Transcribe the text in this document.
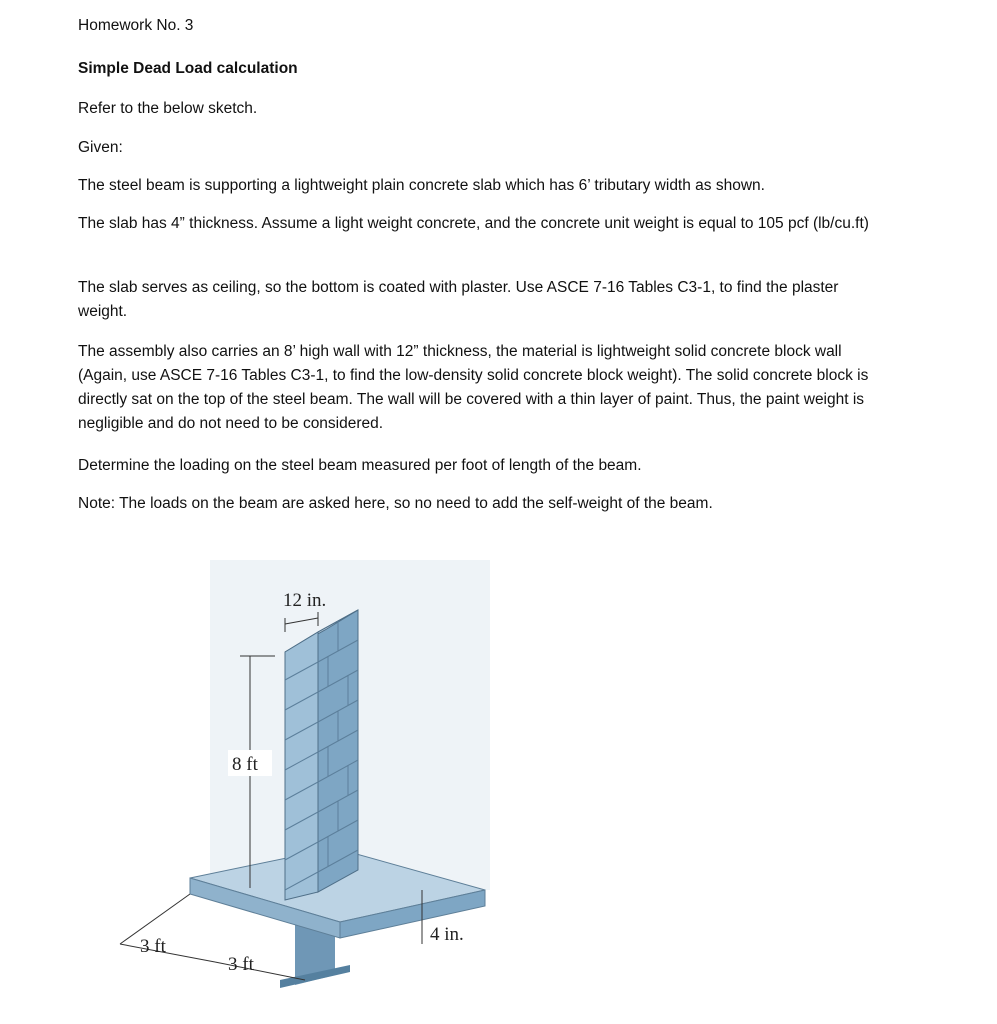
Homework No. 3

Simple Dead Load calculation

Refer to the below sketch.

Given:

The steel beam is supporting a lightweight plain concrete slab which has 6’ tributary width as shown.

The slab has 4” thickness. Assume a light weight concrete, and the concrete unit weight is equal to 105 pcf (lb/cu.ft)

The slab serves as ceiling, so the bottom is coated with plaster. Use ASCE 7-16 Tables C3-1, to find the plaster weight.

The assembly also carries an 8’ high wall with 12” thickness, the material is lightweight solid concrete block wall (Again, use ASCE 7-16 Tables C3-1, to find the low-density solid concrete block weight). The solid concrete block is directly sat on the top of the steel beam. The wall will be covered with a thin layer of paint. Thus, the paint weight is negligible and do not need to be considered.

Determine the loading on the steel beam measured per foot of length of the beam.

Note: The loads on the beam are asked here, so no need to add the self-weight of the beam.

12 in.
8 ft
4 in.
3 ft
3 ft
